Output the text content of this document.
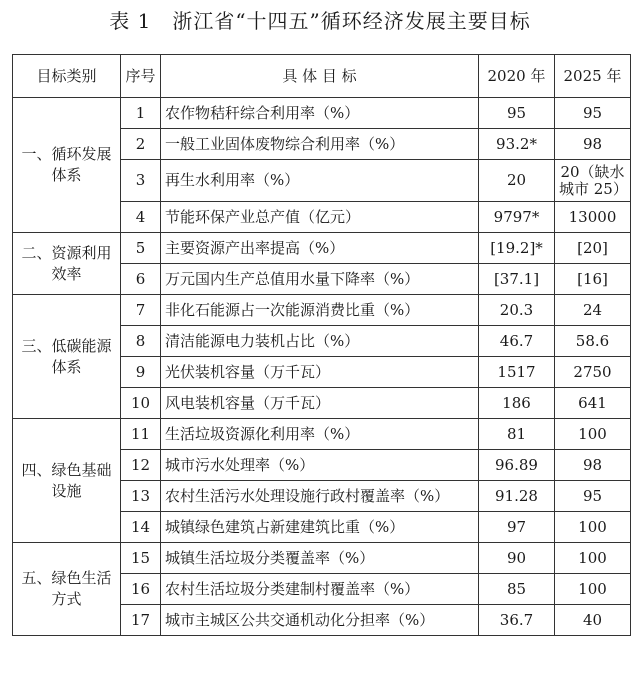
表 1　浙江省“十四五”循环经济发展主要目标
目标类别	序号	具 体 目 标	2020 年	2025 年
一、循环发展体系	1	农作物秸秆综合利用率（%）	95	95
	2	一般工业固体废物综合利用率（%）	93.2*	98
	3	再生水利用率（%）	20	20（缺水城市 25）
	4	节能环保产业总产值（亿元）	9797*	13000
二、资源利用效率	5	主要资源产出率提高（%）	[19.2]*	[20]
	6	万元国内生产总值用水量下降率（%）	[37.1]	[16]
三、低碳能源体系	7	非化石能源占一次能源消费比重（%）	20.3	24
	8	清洁能源电力装机占比（%）	46.7	58.6
	9	光伏装机容量（万千瓦）	1517	2750
	10	风电装机容量（万千瓦）	186	641
四、绿色基础设施	11	生活垃圾资源化利用率（%）	81	100
	12	城市污水处理率（%）	96.89	98
	13	农村生活污水处理设施行政村覆盖率（%）	91.28	95
	14	城镇绿色建筑占新建建筑比重（%）	97	100
五、绿色生活方式	15	城镇生活垃圾分类覆盖率（%）	90	100
	16	农村生活垃圾分类建制村覆盖率（%）	85	100
	17	城市主城区公共交通机动化分担率（%）	36.7	40
